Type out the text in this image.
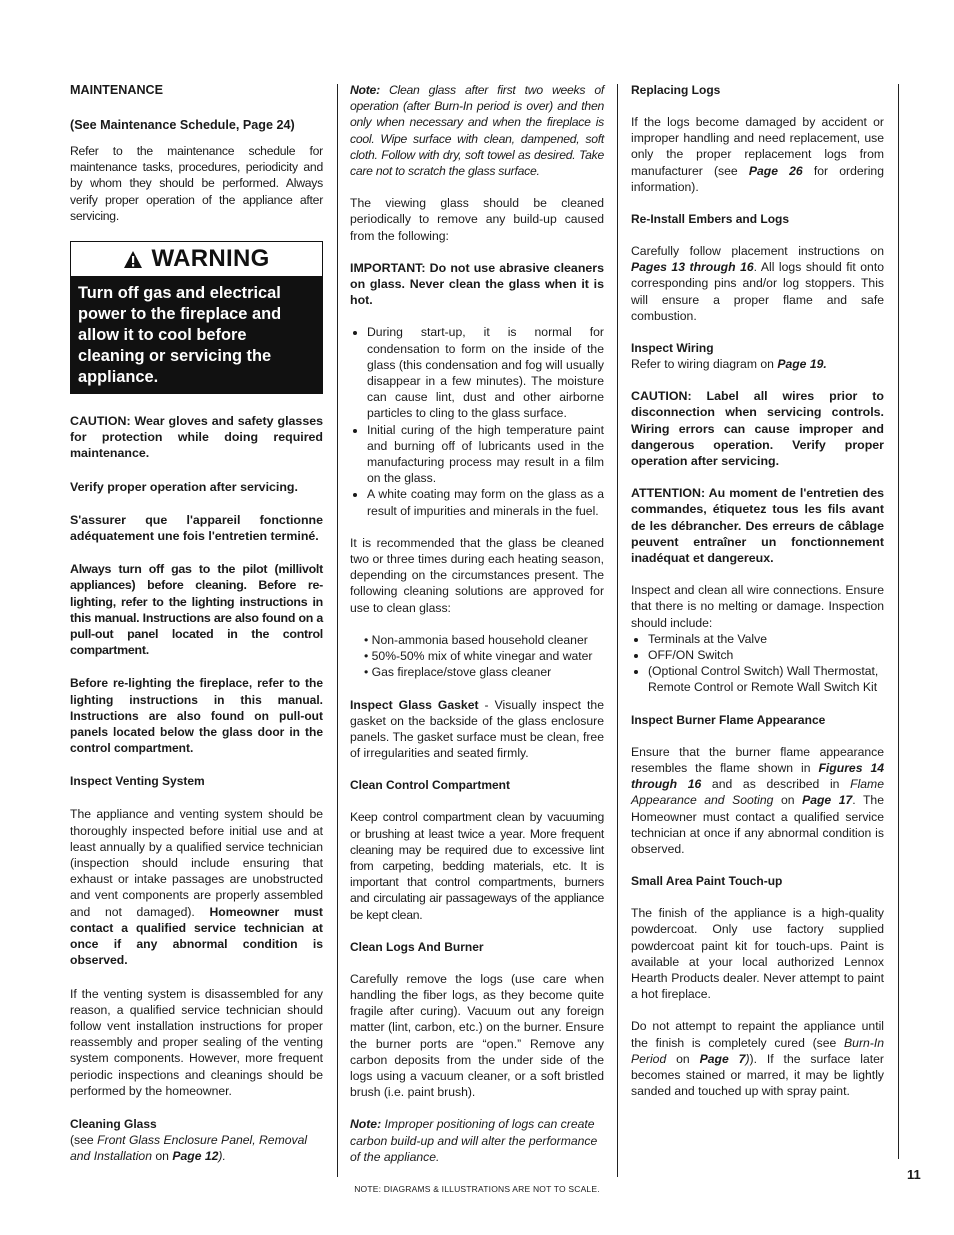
MAINTENANCE
(See Maintenance Schedule, Page 24)

Refer to the maintenance schedule for maintenance tasks, procedures, periodicity and by whom they should be performed. Always verify proper operation of the appliance after servicing.

WARNING
Turn off gas and electrical power to the fireplace and allow it to cool before cleaning or servicing the appliance.

CAUTION: Wear gloves and safety glasses for protection while doing required maintenance.

Verify proper operation after servicing.

S'assurer que l'appareil fonctionne adéquatement une fois l'entretien terminé.

Always turn off gas to the pilot (millivolt appliances) before cleaning. Before re-lighting, refer to the lighting instructions in this manual. Instructions are also found on a pull-out panel located in the control compartment.

Before re-lighting the fireplace, refer to the lighting instructions in this manual. Instructions are also found on pull-out panels located below the glass door in the control compartment.

Inspect Venting System

The appliance and venting system should be thoroughly inspected before initial use and at least annually by a qualified service technician (inspection should include ensuring that exhaust or intake passages are unobstructed and vent components are properly assembled and not damaged). Homeowner must contact a qualified service technician at once if any abnormal condition is observed.

If the venting system is disassembled for any reason, a qualified service technician should follow vent installation instructions for proper reassembly and proper sealing of the venting system components. However, more frequent periodic inspections and cleanings should be performed by the homeowner.

Cleaning Glass

(see Front Glass Enclosure Panel, Removal and Installation on Page 12).

Note: Clean glass after first two weeks of operation (after Burn-In period is over) and then only when necessary and when the fireplace is cool. Wipe surface with clean, dampened, soft cloth. Follow with dry, soft towel as desired. Take care not to scratch the glass surface.

The viewing glass should be cleaned periodically to remove any build-up caused from the following:

IMPORTANT: Do not use abrasive cleaners on glass. Never clean the glass when it is hot.

• During start-up, it is normal for condensation to form on the inside of the glass (this condensation and fog will usually disappear in a few minutes). The moisture can cause lint, dust and other airborne particles to cling to the glass surface.
• Initial curing of the high temperature paint and burning off of lubricants used in the manufacturing process may result in a film on the glass.
• A white coating may form on the glass as a result of impurities and minerals in the fuel.

It is recommended that the glass be cleaned two or three times during each heating season, depending on the circumstances present. The following cleaning solutions are approved for use to clean glass:

• Non-ammonia based household cleaner

• 50%-50% mix of white vinegar and water

• Gas fireplace/stove glass cleaner

Inspect Glass Gasket - Visually inspect the gasket on the backside of the glass enclosure panels. The gasket surface must be clean, free of irregularities and seated firmly.

Clean Control Compartment

Keep control compartment clean by vacuuming or brushing at least twice a year. More frequent cleaning may be required due to excessive lint from carpeting, bedding materials, etc. It is important that control compartments, burners and circulating air passageways of the appliance be kept clean.

Clean Logs And Burner

Carefully remove the logs (use care when handling the fiber logs, as they become quite fragile after curing). Vacuum out any foreign matter (lint, carbon, etc.) on the burner. Ensure the burner ports are “open.” Remove any carbon deposits from the under side of the logs using a vacuum cleaner, or a soft bristled brush (i.e. paint brush).

Note: Improper positioning of logs can create carbon build-up and will alter the performance of the appliance.

Replacing Logs

If the logs become damaged by accident or improper handling and need replacement, use only the proper replacement logs from manufacturer (see Page 26 for ordering information).

Re-Install Embers and Logs

Carefully follow placement instructions on Pages 13 through 16. All logs should fit onto corresponding pins and/or log stoppers. This will ensure a proper flame and safe combustion.

Inspect Wiring

Refer to wiring diagram on Page 19.

CAUTION: Label all wires prior to disconnection when servicing controls. Wiring errors can cause improper and dangerous operation. Verify proper operation after servicing.

ATTENTION: Au moment de l'entretien des commandes, étiquetez tous les fils avant de les débrancher. Des erreurs de câblage peuvent entraîner un fonctionnement inadéquat et dangereux.

Inspect and clean all wire connections. Ensure that there is no melting or damage. Inspection should include:

• Terminals at the Valve
• OFF/ON Switch
• (Optional Control Switch) Wall Thermostat, Remote Control or Remote Wall Switch Kit
Inspect Burner Flame Appearance

Ensure that the burner flame appearance resembles the flame shown in Figures 14 through 16 and as described in Flame Appearance and Sooting on Page 17. The Homeowner must contact a qualified service technician at once if any abnormal condition is observed.

Small Area Paint Touch-up

The finish of the appliance is a high-quality powdercoat. Only use factory supplied powdercoat paint kit for touch-ups. Paint is available at your local authorized Lennox Hearth Products dealer. Never attempt to paint a hot fireplace.

Do not attempt to repaint the appliance until the finish is completely cured (see Burn-In Period on Page 7)). If the surface later becomes stained or marred, it may be lightly sanded and touched up with spray paint.

11
NOTE: DIAGRAMS & ILLUSTRATIONS ARE NOT TO SCALE.
